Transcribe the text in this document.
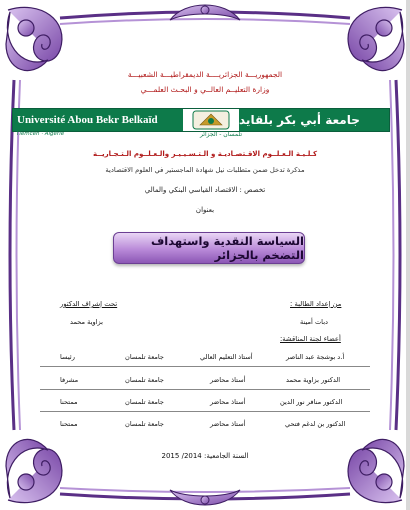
الجمهوريـــة الجزائريــــة الديمقراطيـــة الشعبيـــة
وزارة التعليــم العالــي و البحـث العلمـــي
Université Abou Bekr Belkaïd	جامعة أبي بكر بلقايد
Tlemcen · Algérie	تلمسان - الجزائر
كـلـيـة الـعـلــوم الاقـتصـاديـة و الـتـسـيـيـر والـعـلــوم الـتـجـاريــة
مذكرة تدخل ضمن متطلبات نيل شهادة الماجستير في العلوم الاقتصادية
تخصص : الاقتصاد القياسي البنكي والمالي
بعنوان
السياسة النقدية واستهداف التضخم بالجزائر
من إعداد الطالبة :
تحت إشراف الدكتور
دبات أمينة
بزاوية محمد
أعضاء لجنة المناقشة:
أ.د بوشجة عبد الناصر
أستاذ التعليم العالي
جامعة تلمسان
رئيسا
الدكتور بزاوية محمد
أستاذ محاضر
جامعة تلمسان
مشرفا
الدكتور منافر نور الدين
أستاذ محاضر
جامعة تلمسان
ممتحنا
الدكتور بن لدغم فتحي
أستاذ محاضر
جامعة تلمسان
ممتحنا
السنة الجامعية: 2014/ 2015
